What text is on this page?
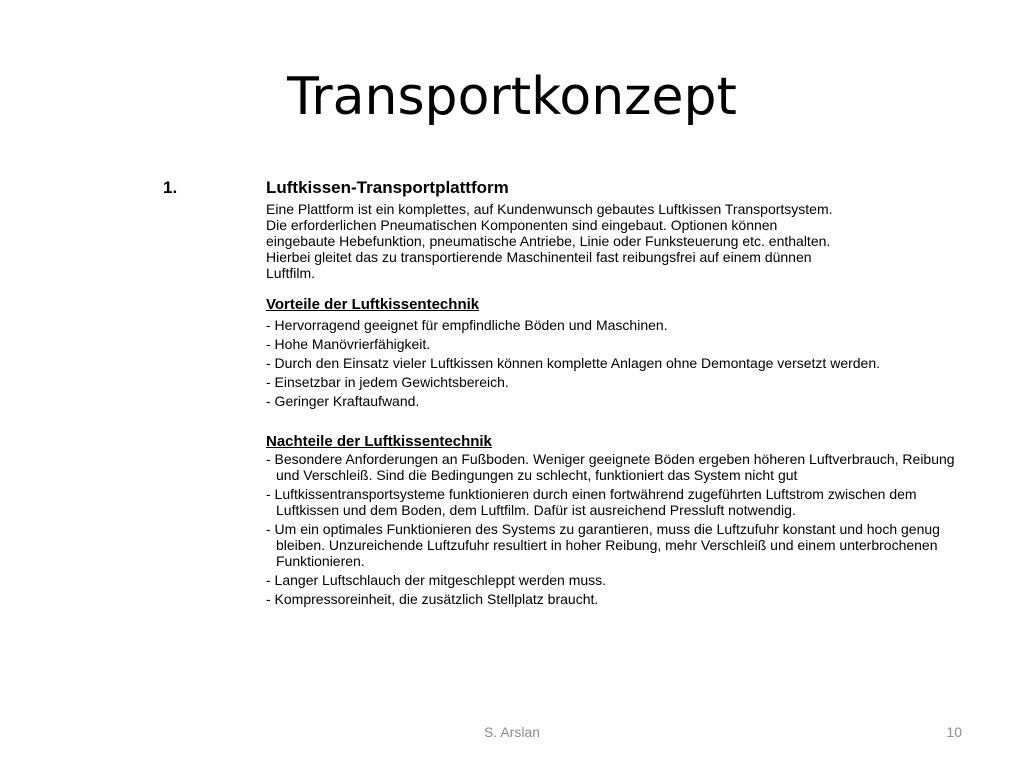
Transportkonzept
1.	Luftkissen-Transportplattform

Eine Plattform ist ein komplettes, auf Kundenwunsch gebautes Luftkissen Transportsystem.

Die erforderlichen Pneumatischen Komponenten sind eingebaut. Optionen können

eingebaute Hebefunktion, pneumatische Antriebe, Linie oder Funksteuerung etc. enthalten.

Hierbei gleitet das zu transportierende Maschinenteil fast reibungsfrei auf einem dünnen

Luftfilm.

Vorteile der Luftkissentechnik
- Hervorragend geeignet für empfindliche Böden und Maschinen.
- Hohe Manövrierfähigkeit.
- Durch den Einsatz vieler Luftkissen können komplette Anlagen ohne Demontage versetzt werden.
- Einsetzbar in jedem Gewichtsbereich.
- Geringer Kraftaufwand.
Nachteile der Luftkissentechnik
- Besondere Anforderungen an Fußboden. Weniger geeignete Böden ergeben höheren Luftverbrauch, Reibung und Verschleiß. Sind die Bedingungen zu schlecht, funktioniert das System nicht gut
- Luftkissentransportsysteme funktionieren durch einen fortwährend zugeführten Luftstrom zwischen dem Luftkissen und dem Boden, dem Luftfilm. Dafür ist ausreichend Pressluft notwendig.
- Um ein optimales Funktionieren des Systems zu garantieren, muss die Luftzufuhr konstant und hoch genug bleiben. Unzureichende Luftzufuhr resultiert in hoher Reibung, mehr Verschleiß und einem unterbrochenen Funktionieren.
- Langer Luftschlauch der mitgeschleppt werden muss.
- Kompressoreinheit, die zusätzlich Stellplatz braucht.
S. Arslan	10
